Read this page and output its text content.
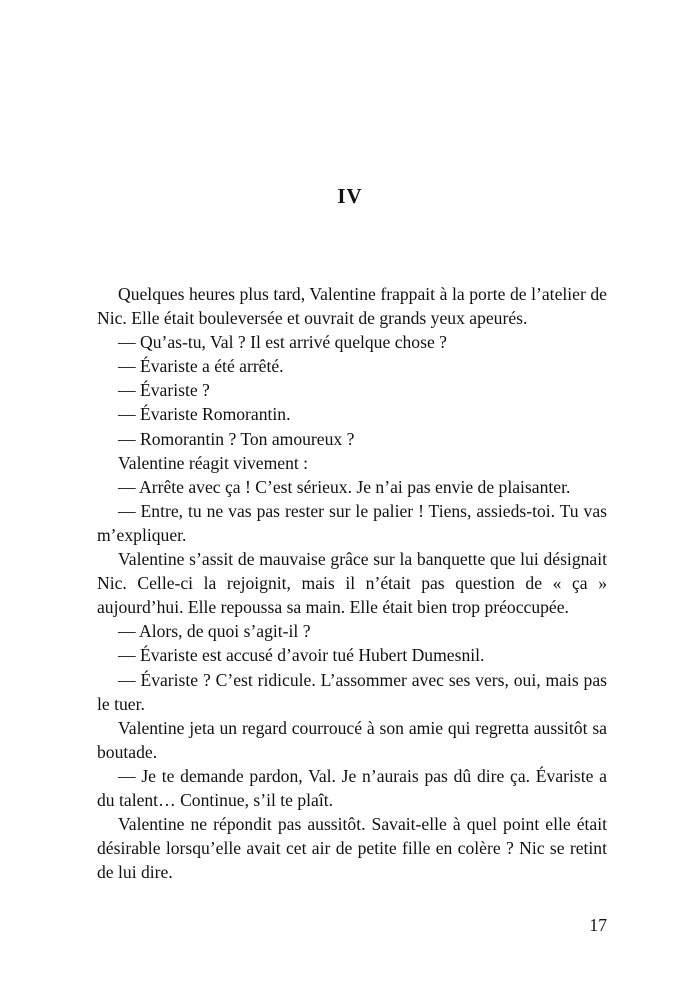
IV

Quelques heures plus tard, Valentine frappait à la porte de l’atelier de Nic. Elle était bouleversée et ouvrait de grands yeux apeurés.

— Qu’as-tu, Val ? Il est arrivé quelque chose ?

— Évariste a été arrêté.

— Évariste ?

— Évariste Romorantin.

— Romorantin ? Ton amoureux ?

Valentine réagit vivement :

— Arrête avec ça ! C’est sérieux. Je n’ai pas envie de plaisanter.

— Entre, tu ne vas pas rester sur le palier ! Tiens, assieds-toi. Tu vas m’expliquer.

Valentine s’assit de mauvaise grâce sur la banquette que lui désignait Nic. Celle-ci la rejoignit, mais il n’était pas question de « ça » aujourd’hui. Elle repoussa sa main. Elle était bien trop préoccupée.

— Alors, de quoi s’agit-il ?

— Évariste est accusé d’avoir tué Hubert Dumesnil.

— Évariste ? C’est ridicule. L’assommer avec ses vers, oui, mais pas le tuer.

Valentine jeta un regard courroucé à son amie qui regretta aussitôt sa boutade.

— Je te demande pardon, Val. Je n’aurais pas dû dire ça. Évariste a du talent… Continue, s’il te plaît.

Valentine ne répondit pas aussitôt. Savait-elle à quel point elle était désirable lorsqu’elle avait cet air de petite fille en colère ? Nic se retint de lui dire.

17
